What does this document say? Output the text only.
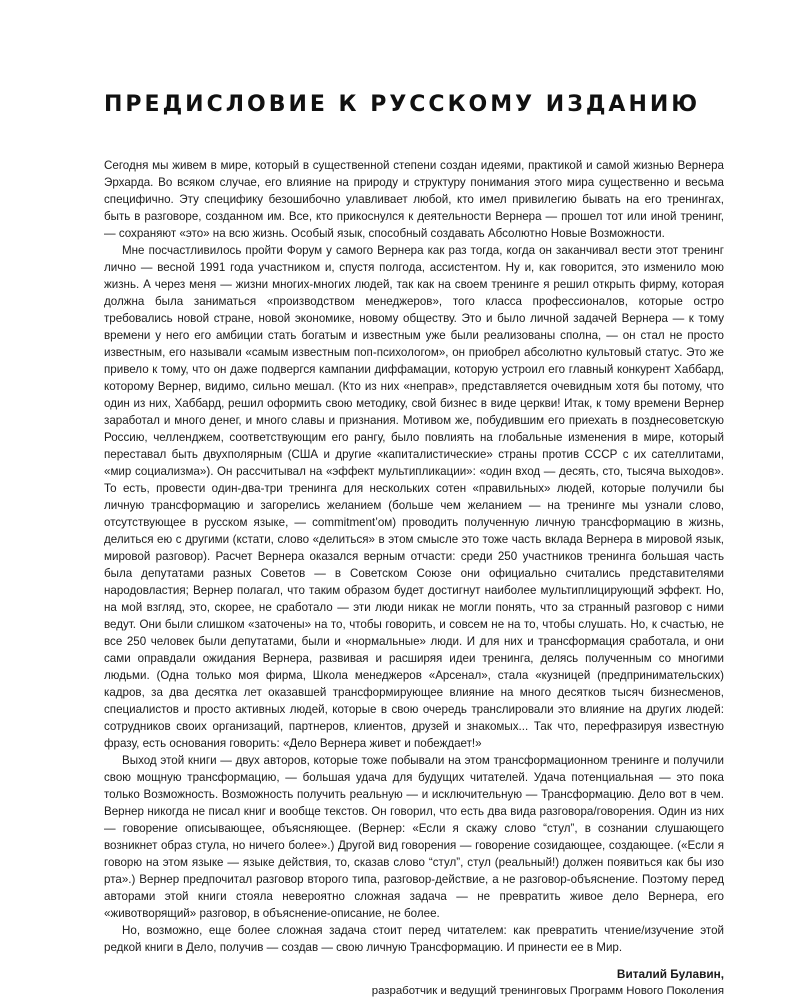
ПРЕДИСЛОВИЕ К РУССКОМУ ИЗДАНИЮ

Сегодня мы живем в мире, который в существенной степени создан идеями, практикой и самой жизнью Вернера Эрхарда. Во всяком случае, его влияние на природу и структуру понимания этого мира существенно и весьма специфично. Эту специфику безошибочно улавливает любой, кто имел привилегию бывать на его тренингах, быть в разговоре, созданном им. Все, кто прикоснулся к деятельности Вернера — прошел тот или иной тренинг, — сохраняют «это» на всю жизнь. Особый язык, способный создавать Абсолютно Новые Возможности.

Мне посчастливилось пройти Форум у самого Вернера как раз тогда, когда он заканчивал вести этот тренинг лично — весной 1991 года участником и, спустя полгода, ассистентом. Ну и, как говорится, это изменило мою жизнь. А через меня — жизни многих-многих людей, так как на своем тренинге я решил открыть фирму, которая должна была заниматься «производством менеджеров», того класса профессионалов, которые остро требовались новой стране, новой экономике, новому обществу. Это и было личной задачей Вернера — к тому времени у него его амбиции стать богатым и известным уже были реализованы сполна, — он стал не просто известным, его называли «самым известным поп-психологом», он приобрел абсолютно культовый статус. Это же привело к тому, что он даже подвергся кампании диффамации, которую устроил его главный конкурент Хаббард, которому Вернер, видимо, сильно мешал. (Кто из них «неправ», представляется очевидным хотя бы потому, что один из них, Хаббард, решил оформить свою методику, свой бизнес в виде церкви! Итак, к тому времени Вернер заработал и много денег, и много славы и признания. Мотивом же, побудившим его приехать в позднесоветскую Россию, челленджем, соответствующим его рангу, было повлиять на глобальные изменения в мире, который переставал быть двухполярным (США и другие «капиталистические» страны против СССР с их сателлитами, «мир социализма»). Он рассчитывал на «эффект мультипликации»: «один вход — десять, сто, тысяча выходов». То есть, провести один-два-три тренинга для нескольких сотен «правильных» людей, которые получили бы личную трансформацию и загорелись желанием (больше чем желанием — на тренинге мы узнали слово, отсутствующее в русском языке, — commitment’ом) проводить полученную личную трансформацию в жизнь, делиться ею с другими (кстати, слово «делиться» в этом смысле это тоже часть вклада Вернера в мировой язык, мировой разговор). Расчет Вернера оказался верным отчасти: среди 250 участников тренинга большая часть была депутатами разных Советов — в Советском Союзе они официально считались представителями народовластия; Вернер полагал, что таким образом будет достигнут наиболее мультиплицирующий эффект. Но, на мой взгляд, это, скорее, не сработало — эти люди никак не могли понять, что за странный разговор с ними ведут. Они были слишком «заточены» на то, чтобы говорить, и совсем не на то, чтобы слушать. Но, к счастью, не все 250 человек были депутатами, были и «нормальные» люди. И для них и трансформация сработала, и они сами оправдали ожидания Вернера, развивая и расширяя идеи тренинга, делясь полученным со многими людьми. (Одна только моя фирма, Школа менеджеров «Арсенал», стала «кузницей (предпринимательских) кадров, за два десятка лет оказавшей трансформирующее влияние на много десятков тысяч бизнесменов, специалистов и просто активных людей, которые в свою очередь транслировали это влияние на других людей: сотрудников своих организаций, партнеров, клиентов, друзей и знакомых... Так что, перефразируя известную фразу, есть основания говорить: «Дело Вернера живет и побеждает!»

Выход этой книги — двух авторов, которые тоже побывали на этом трансформационном тренинге и получили свою мощную трансформацию, — большая удача для будущих читателей. Удача потенциальная — это пока только Возможность. Возможность получить реальную — и исключительную — Трансформацию. Дело вот в чем. Вернер никогда не писал книг и вообще текстов. Он говорил, что есть два вида разговора/говорения. Один из них — говорение описывающее, объясняющее. (Вернер: «Если я скажу слово “стул”, в сознании слушающего возникнет образ стула, но ничего более».) Другой вид говорения — говорение созидающее, создающее. («Если я говорю на этом языке — языке действия, то, сказав слово “стул”, стул (реальный!) должен появиться как бы изо рта».) Вернер предпочитал разговор второго типа, разговор-действие, а не разговор-объяснение. Поэтому перед авторами этой книги стояла невероятно сложная задача — не превратить живое дело Вернера, его «животворящий» разговор, в объяснение-описание, не более.

Но, возможно, еще более сложная задача стоит перед читателем: как превратить чтение/изучение этой редкой книги в Дело, получив — создав — свою личную Трансформацию. И принести ее в Мир.

Виталий Булавин,
разработчик и ведущий тренинговых Программ Нового Поколения
